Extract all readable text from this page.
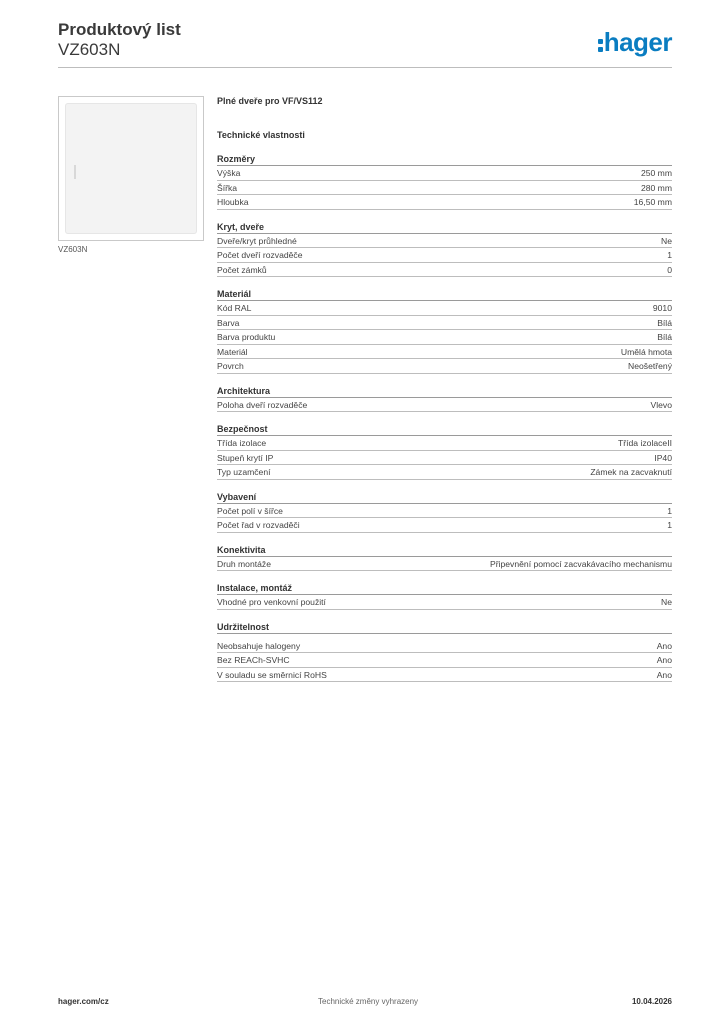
Produktový list
VZ603N	hager
VZ603N
Plné dveře pro VF/VS112
Technické vlastnosti
Rozměry
Výška	250 mm
Šířka	280 mm
Hloubka	16,50 mm
Kryt, dveře
Dveře/kryt průhledné	Ne
Počet dveří rozvaděče	1
Počet zámků	0
Materiál
Kód RAL	9010
Barva	Bílá
Barva produktu	Bílá
Materiál	Umělá hmota
Povrch	Neošetřený
Architektura
Poloha dveří rozvaděče	Vlevo
Bezpečnost
Třída izolace	Třída izolaceII
Stupeň krytí IP	IP40
Typ uzamčení	Zámek na zacvaknutí
Vybavení
Počet polí v šířce	1
Počet řad v rozvaděči	1
Konektivita
Druh montáže	Připevnění pomocí zacvakávacího mechanismu
Instalace, montáž
Vhodné pro venkovní použití	Ne
Udržitelnost
Neobsahuje halogeny	Ano
Bez REACh-SVHC	Ano
V souladu se směrnicí RoHS	Ano
hager.com/cz	Technické změny vyhrazeny	10.04.2026
